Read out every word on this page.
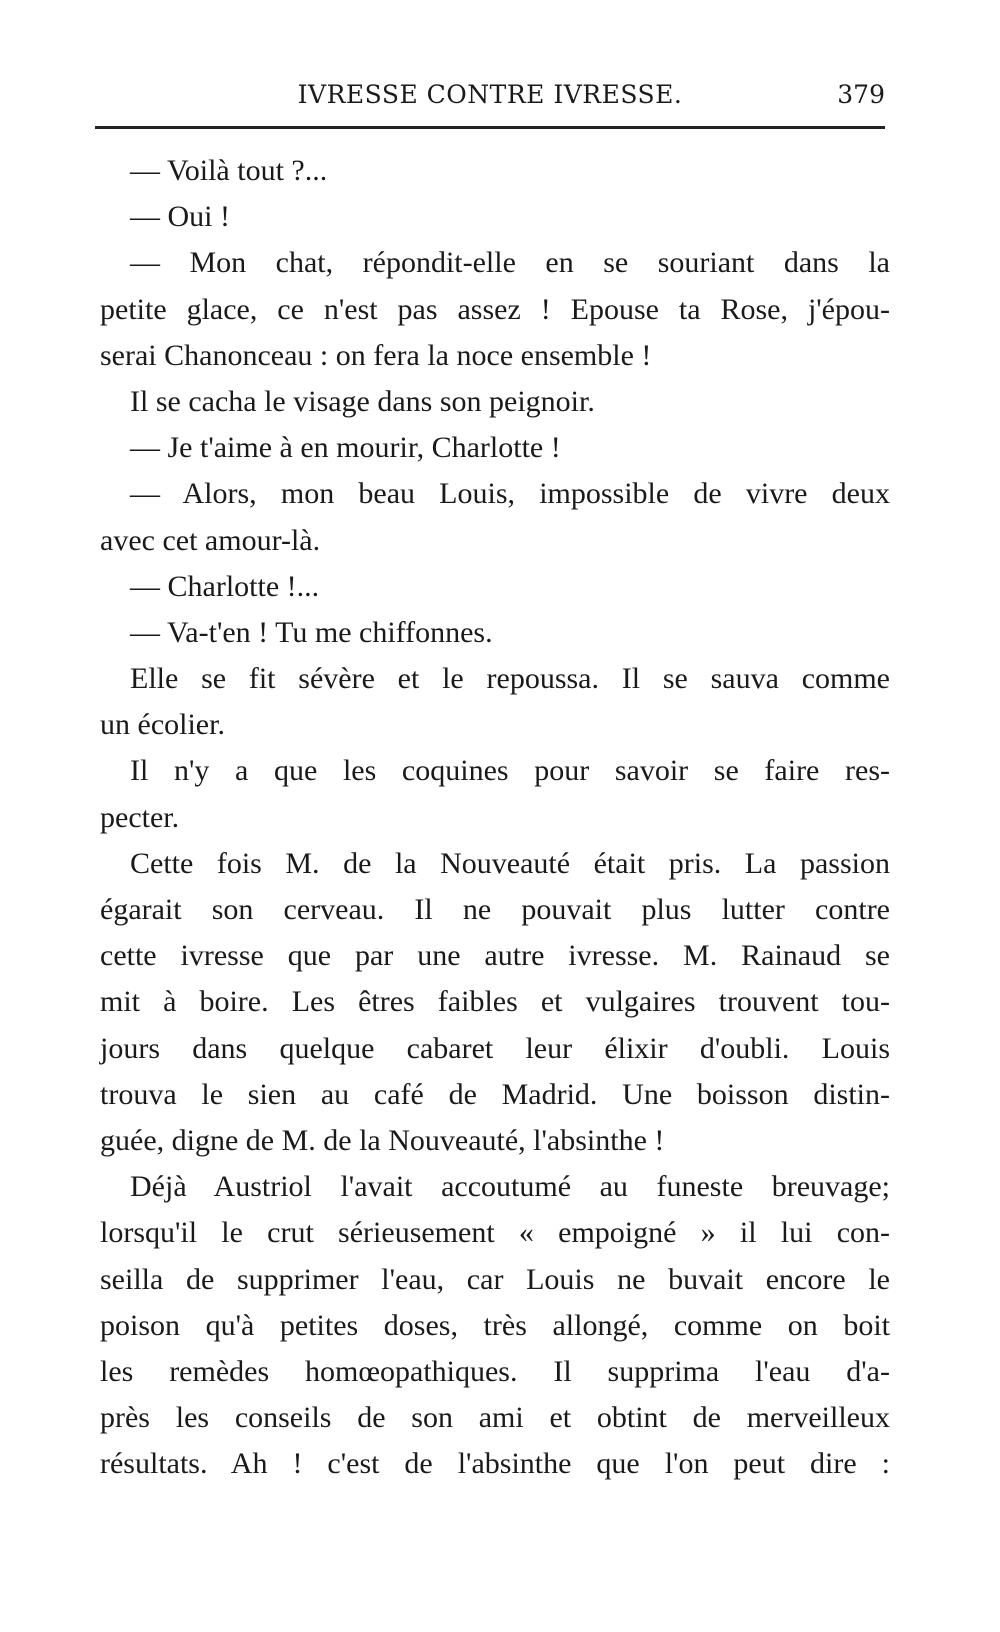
IVRESSE CONTRE IVRESSE.	379
— Voilà tout ?...
— Oui !
— Mon chat, répondit-elle en se souriant dans la
petite glace, ce n'est pas assez ! Epouse ta Rose, j'épou-
serai Chanonceau : on fera la noce ensemble !
Il se cacha le visage dans son peignoir.
— Je t'aime à en mourir, Charlotte !
— Alors, mon beau Louis, impossible de vivre deux
avec cet amour-là.
— Charlotte !...
— Va-t'en ! Tu me chiffonnes.
Elle se fit sévère et le repoussa. Il se sauva comme
un écolier.
Il n'y a que les coquines pour savoir se faire res-
pecter.
Cette fois M. de la Nouveauté était pris. La passion
égarait son cerveau. Il ne pouvait plus lutter contre
cette ivresse que par une autre ivresse. M. Rainaud se
mit à boire. Les êtres faibles et vulgaires trouvent tou-
jours dans quelque cabaret leur élixir d'oubli. Louis
trouva le sien au café de Madrid. Une boisson distin-
guée, digne de M. de la Nouveauté, l'absinthe !
Déjà Austriol l'avait accoutumé au funeste breuvage;
lorsqu'il le crut sérieusement « empoigné » il lui con-
seilla de supprimer l'eau, car Louis ne buvait encore le
poison qu'à petites doses, très allongé, comme on boit
les remèdes homœopathiques. Il supprima l'eau d'a-
près les conseils de son ami et obtint de merveilleux
résultats. Ah ! c'est de l'absinthe que l'on peut dire :
